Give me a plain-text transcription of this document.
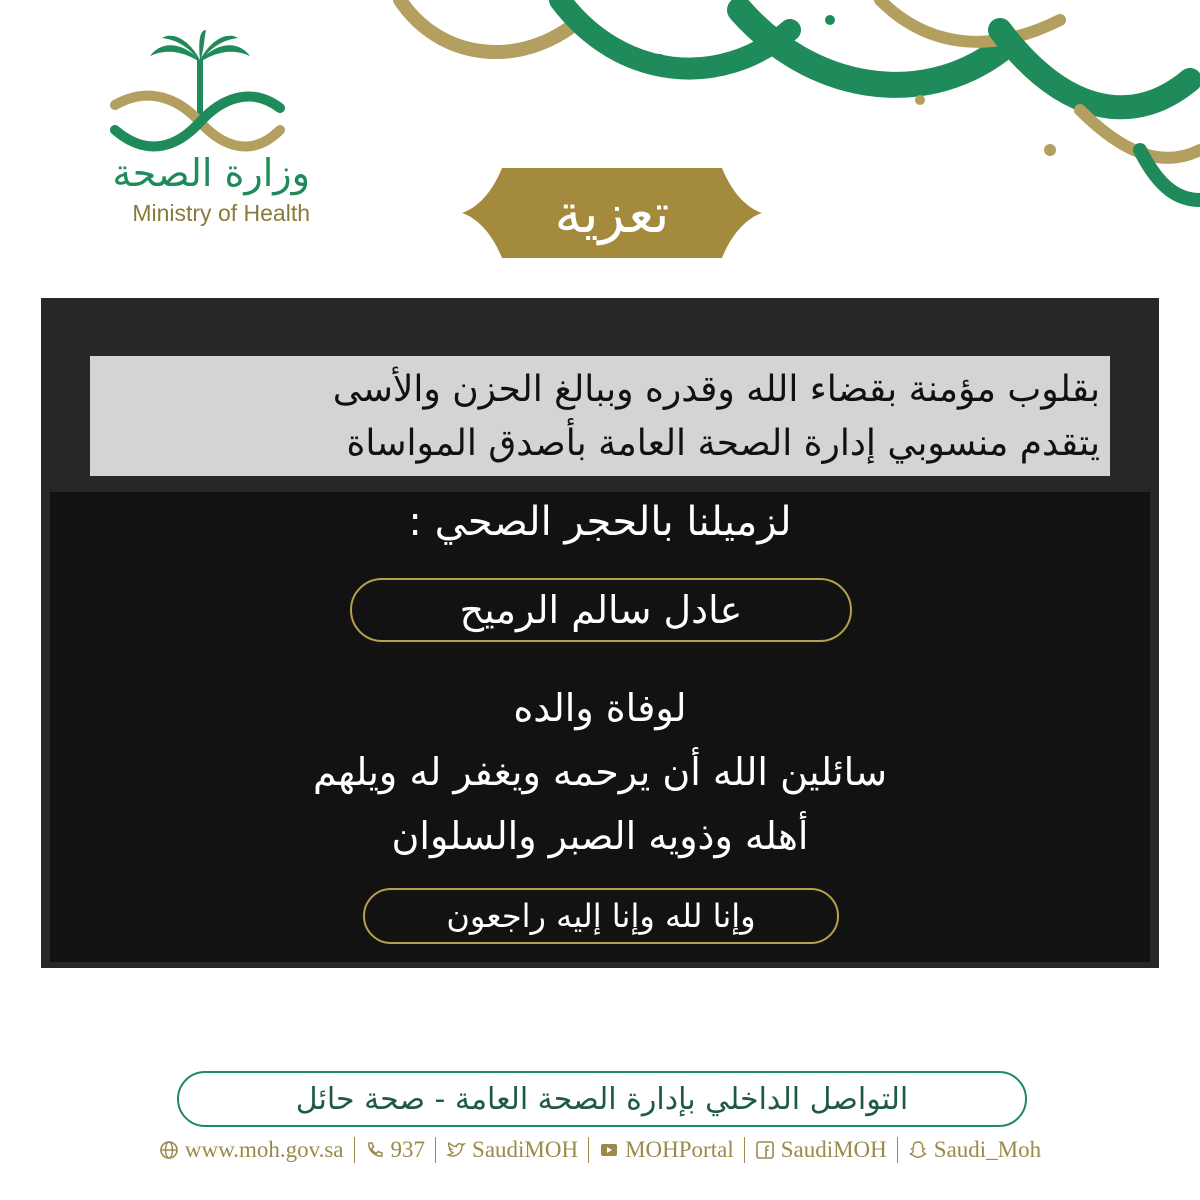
وزارة الصحة
Ministry of Health	تعزية
بقلوب مؤمنة بقضاء الله وقدره وببالغ الحزن والأسى
يتقدم منسوبي إدارة الصحة العامة بأصدق المواساة
لزميلنا بالحجر الصحي :
عادل سالم الرميح
لوفاة والده
سائلين الله أن يرحمه ويغفر له ويلهم
أهله وذويه الصبر والسلوان
وإنا لله وإنا إليه راجعون
التواصل الداخلي بإدارة الصحة العامة - صحة حائل
www.moh.gov.sa 937 SaudiMOH MOHPortal SaudiMOH Saudi_Moh
